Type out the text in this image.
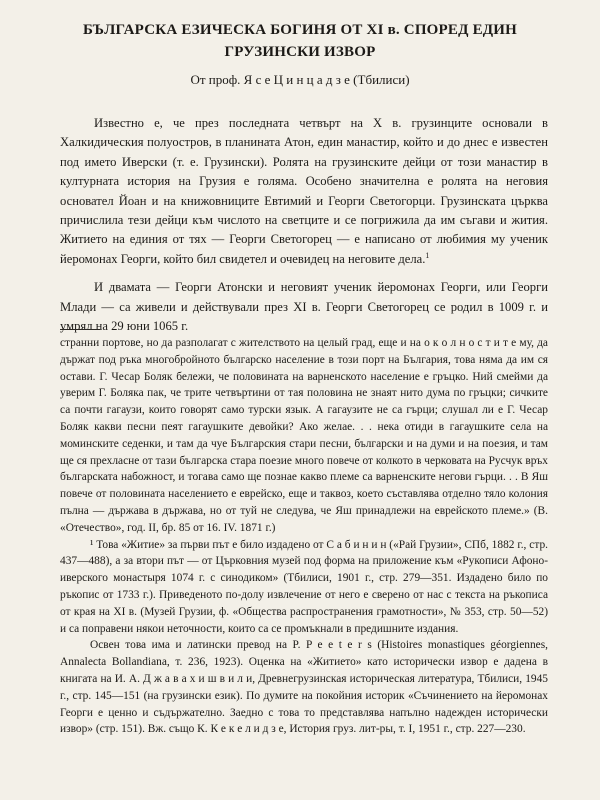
БЪЛГАРСКА ЕЗИЧЕСКА БОГИНЯ ОТ XI в. СПОРЕД ЕДИН
ГРУЗИНСКИ ИЗВОР
От проф. Я с е Ц и н ц а д з е (Тбилиси)

Известно е, че през последната четвърт на X в. грузинците основали в Халкидическия полуостров, в планината Атон, един манастир, който и до днес е известен под името Иверски (т. е. Грузински). Ролята на грузинските дейци от този манастир в културната история на Грузия е голяма. Особено значителна е ролята на неговия основател Йоан и на книжовниците Евтимий и Георги Светогорци. Грузинската църква причислила тези дейци към числото на светците и се погрижила да им съгави и жития. Житието на единия от тях — Георги Светогорец — е написано от любимия му ученик йеромонах Георги, който бил свидетел и очевидец на неговите дела.$^1$

И двамата — Георги Атонски и неговият ученик йеромонах Георги, или Георги Млади — са живели и действували през XI в. Георги Светогорец се родил в 1009 г. и умрял на 29 юни 1065 г.

странни портове, но да разполагат с жителството на целый град, еще и на о к о л н о с т и т е му, да държат под ръка многобройното българско население в този порт на България, това няма да им ся остави. Г. Чесар Боляк бележи, че половината на варненското население е гръцко. Ний смейми да уверим Г. Боляка пак, че трите четвъртини от тая половина не знаят нито дума по гръцки; сичките са почти гагаузи, които говорят само турски язык. А гагаузите не са гърци; слушал ли е Г. Чесар Боляк какви песни пеят гагаушките девойки? Ако желае. . . нека отиди в гагаушките села на моминските седенки, и там да чуе Българския стари песни, български и на думи и на поезия, и там ще ся прехласне от тази българска стара поезие много повече от колкото в черковата на Русчук връх българската набожност, и тогава само ще познае какво племе са варненските негови гърци. . . В Яш повече от половината населението е еврейско, еще и таквоз, което съставлява отделно тяло колония пълна — държава в държава, но от туй не следува, че Яш принадлежи на еврейското племе.» (В. «Отечество», год. II, бр. 85 от 16. IV. 1871 г.)

¹ Това «Житие» за първи път е било издадено от С а б и н и н («Рай Грузии», СПб, 1882 г., стр. 437—488), а за втори път — от Църковния музей под форма на приложение към «Рукописи Афоно-иверского монастыря 1074 г. с синодиком» (Тбилиси, 1901 г., стр. 279—351. Издадено било по ръкопис от 1733 г.). Приведеното по-долу извлечение от него е сверено от нас с текста на ръкописа от края на XI в. (Музей Грузии, ф. «Общества распространения грамотности», № 353, стр. 50—52) и са поправени някои неточности, които са се промъкнали в предишните издания.

Освен това има и латински превод на P. P e e t e r s (Histoires monastiques géorgiennes, Annalecta Bollandiana, т. 236, 1923). Оценка на «Житието» като исторически извор е дадена в книгата на И. А. Д ж а в а х и ш в и л и, Древнегрузинская историческая литература, Тбилиси, 1945 г., стр. 145—151 (на грузински език). По думите на покойния историк «Съчинението на йеромонах Георги е ценно и съдържателно. Заедно с това то представлява напълно надежден исторически извор» (стр. 151). Вж. също К. К е к е л и д з е, История груз. лит-ры, т. I, 1951 г., стр. 227—230.
